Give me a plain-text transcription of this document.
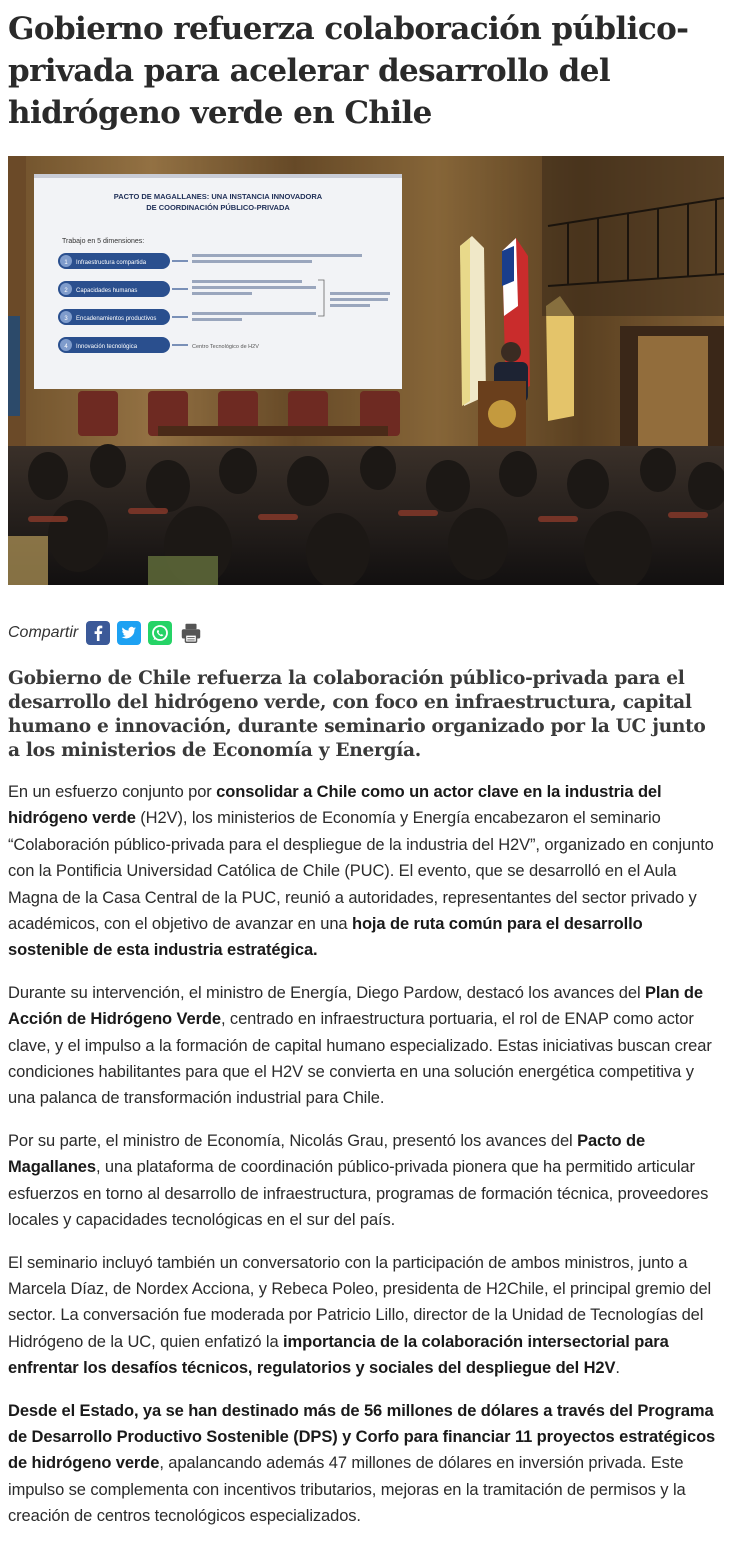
Gobierno refuerza colaboración público-privada para acelerar desarrollo del hidrógeno verde en Chile
PACTO DE MAGALLANES: UNA INSTANCIA INNOVADORA
DE COORDINACIÓN PÚBLICO-PRIVADA
Trabajo en 5 dimensiones:
1 Infraestructura compartida
2 Capacidades humanas
3 Encadenamientos productivos
4 Innovación tecnológica	Centro Tecnológico de H2V
Compartir

Gobierno de Chile refuerza la colaboración público-privada para el desarrollo del hidrógeno verde, con foco en infraestructura, capital humano e innovación, durante seminario organizado por la UC junto a los ministerios de Economía y Energía.

En un esfuerzo conjunto por consolidar a Chile como un actor clave en la industria del hidrógeno verde (H2V), los ministerios de Economía y Energía encabezaron el seminario “Colaboración público-privada para el despliegue de la industria del H2V”, organizado en conjunto con la Pontificia Universidad Católica de Chile (PUC). El evento, que se desarrolló en el Aula Magna de la Casa Central de la PUC, reunió a autoridades, representantes del sector privado y académicos, con el objetivo de avanzar en una hoja de ruta común para el desarrollo sostenible de esta industria estratégica.

Durante su intervención, el ministro de Energía, Diego Pardow, destacó los avances del Plan de Acción de Hidrógeno Verde, centrado en infraestructura portuaria, el rol de ENAP como actor clave, y el impulso a la formación de capital humano especializado. Estas iniciativas buscan crear condiciones habilitantes para que el H2V se convierta en una solución energética competitiva y una palanca de transformación industrial para Chile.

Por su parte, el ministro de Economía, Nicolás Grau, presentó los avances del Pacto de Magallanes, una plataforma de coordinación público-privada pionera que ha permitido articular esfuerzos en torno al desarrollo de infraestructura, programas de formación técnica, proveedores locales y capacidades tecnológicas en el sur del país.

El seminario incluyó también un conversatorio con la participación de ambos ministros, junto a Marcela Díaz, de Nordex Acciona, y Rebeca Poleo, presidenta de H2Chile, el principal gremio del sector. La conversación fue moderada por Patricio Lillo, director de la Unidad de Tecnologías del Hidrógeno de la UC, quien enfatizó la importancia de la colaboración intersectorial para enfrentar los desafíos técnicos, regulatorios y sociales del despliegue del H2V.

Desde el Estado, ya se han destinado más de 56 millones de dólares a través del Programa de Desarrollo Productivo Sostenible (DPS) y Corfo para financiar 11 proyectos estratégicos de hidrógeno verde, apalancando además 47 millones de dólares en inversión privada. Este impulso se complementa con incentivos tributarios, mejoras en la tramitación de permisos y la creación de centros tecnológicos especializados.
